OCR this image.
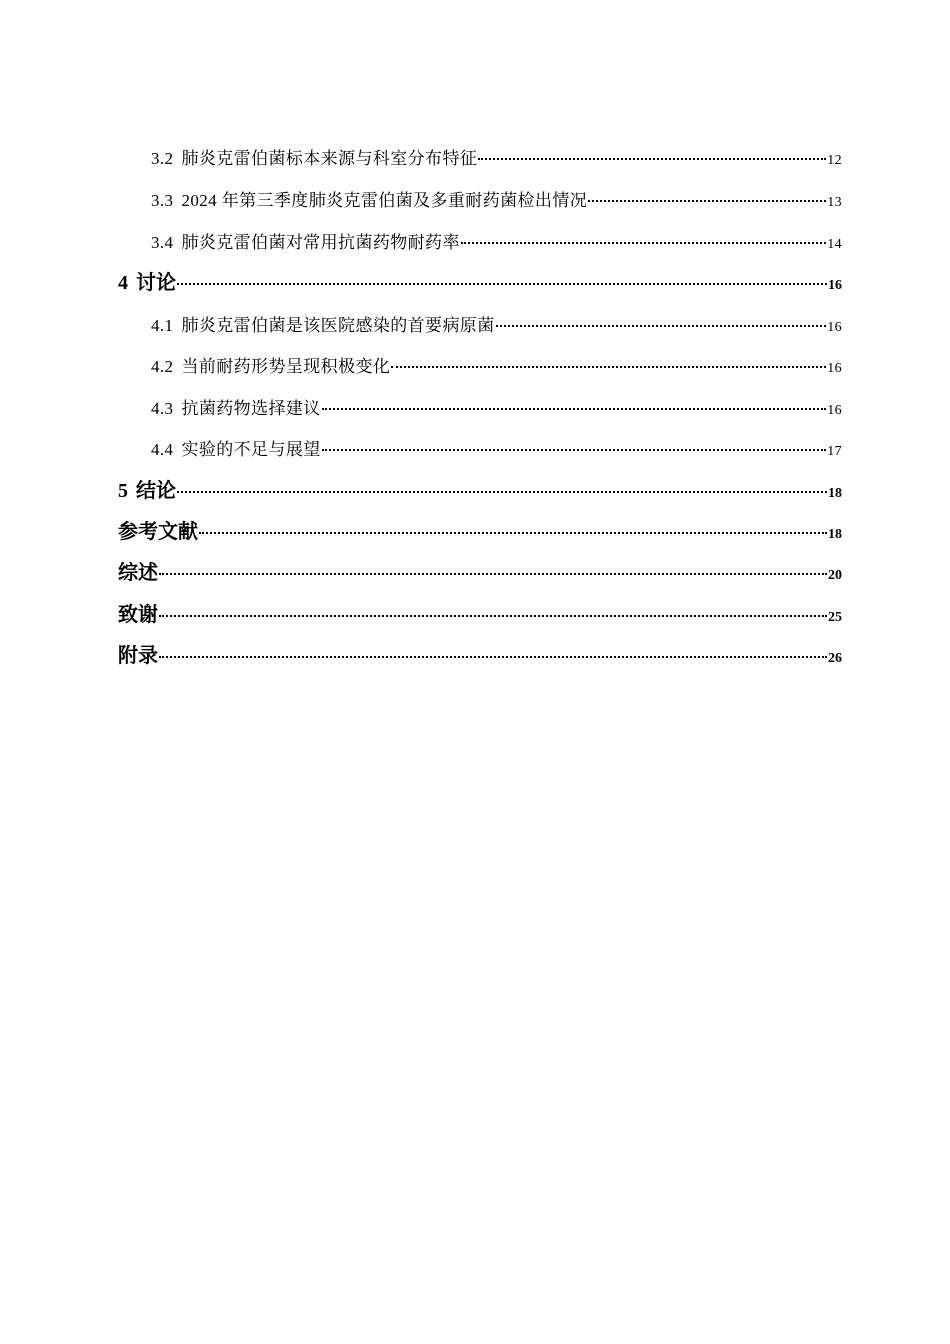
3.2 肺炎克雷伯菌标本来源与科室分布特征	12
3.3 2024 年第三季度肺炎克雷伯菌及多重耐药菌检出情况	13
3.4 肺炎克雷伯菌对常用抗菌药物耐药率	14
4 讨论	16
4.1 肺炎克雷伯菌是该医院感染的首要病原菌	16
4.2 当前耐药形势呈现积极变化	16
4.3 抗菌药物选择建议	16
4.4 实验的不足与展望	17
5 结论	18
参考文献	18
综述	20
致谢	25
附录	26
